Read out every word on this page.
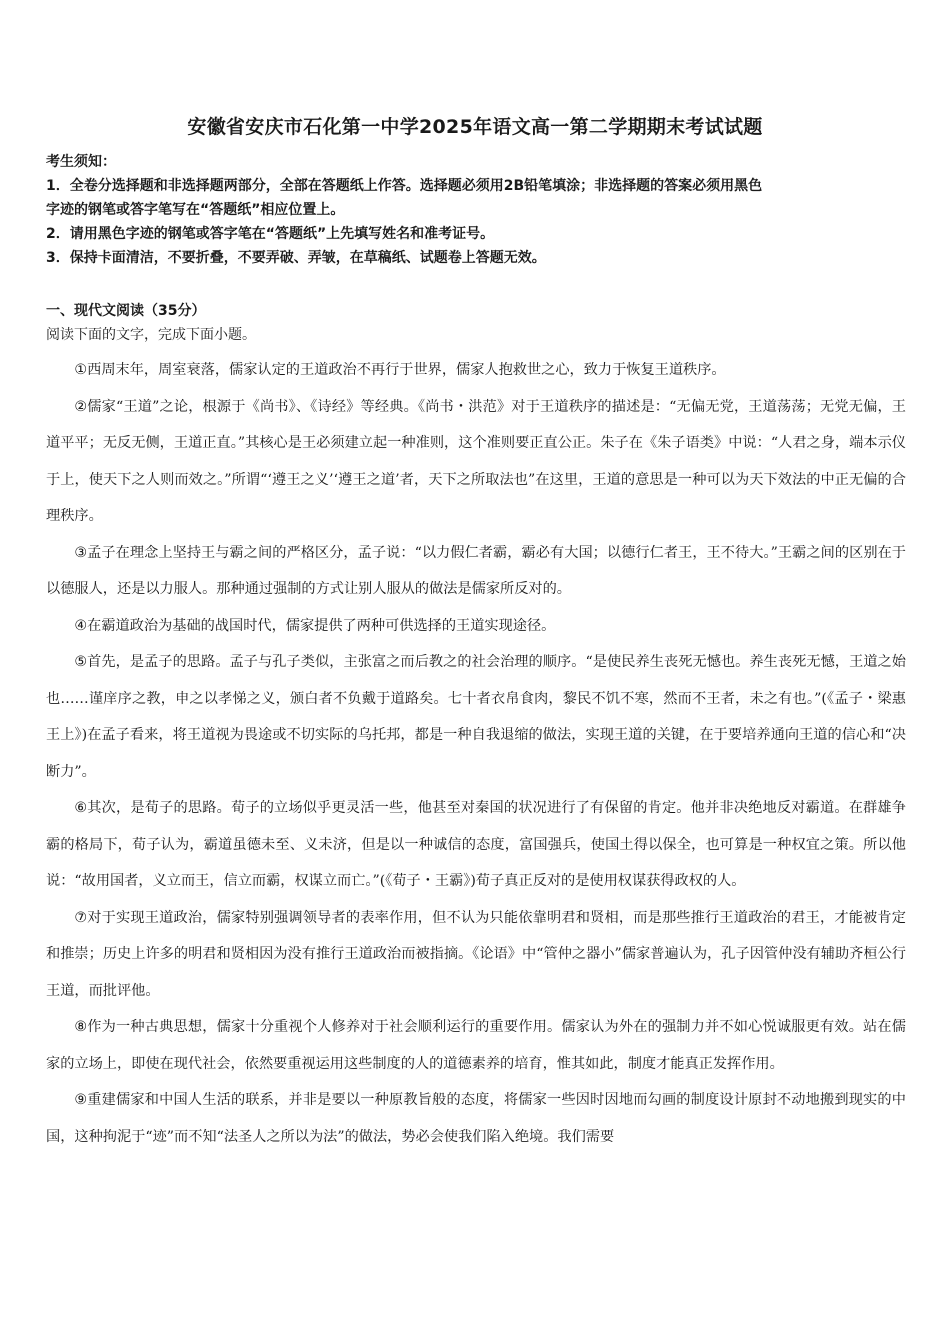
安徽省安庆市石化第一中学2025年语文高一第二学期期末考试试题
考生须知：
1．全卷分选择题和非选择题两部分，全部在答题纸上作答。选择题必须用2B铅笔填涂；非选择题的答案必须用黑色
字迹的钢笔或答字笔写在“答题纸”相应位置上。
2．请用黑色字迹的钢笔或答字笔在“答题纸”上先填写姓名和准考证号。
3．保持卡面清洁，不要折叠，不要弄破、弄皱，在草稿纸、试题卷上答题无效。
一、现代文阅读（35分）
阅读下面的文字，完成下面小题。

①西周末年，周室衰落，儒家认定的王道政治不再行于世界，儒家人抱救世之心，致力于恢复王道秩序。

②儒家“王道”之论，根源于《尚书》、《诗经》等经典。《尚书・洪范》对于王道秩序的描述是：“无偏无党，王道荡荡；无党无偏，王道平平；无反无侧，王道正直。”其核心是王必须建立起一种准则，这个准则要正直公正。朱子在《朱子语类》中说：“人君之身，端本示仪于上，使天下之人则而效之。”所谓“‘遵王之义’‘遵王之道’者，天下之所取法也”在这里，王道的意思是一种可以为天下效法的中正无偏的合理秩序。

③孟子在理念上坚持王与霸之间的严格区分，孟子说：“以力假仁者霸，霸必有大国；以德行仁者王，王不待大。”王霸之间的区别在于以德服人，还是以力服人。那种通过强制的方式让别人服从的做法是儒家所反对的。

④在霸道政治为基础的战国时代，儒家提供了两种可供选择的王道实现途径。

⑤首先，是孟子的思路。孟子与孔子类似，主张富之而后教之的社会治理的顺序。“是使民养生丧死无憾也。养生丧死无憾，王道之始也……谨庠序之教，申之以孝悌之义，颁白者不负戴于道路矣。七十者衣帛食肉，黎民不饥不寒，然而不王者，未之有也。”(《孟子・梁惠王上》)在孟子看来，将王道视为畏途或不切实际的乌托邦，都是一种自我退缩的做法，实现王道的关键，在于要培养通向王道的信心和“决断力”。

⑥其次，是荀子的思路。荀子的立场似乎更灵活一些，他甚至对秦国的状况进行了有保留的肯定。他并非决绝地反对霸道。在群雄争霸的格局下，荀子认为，霸道虽德未至、义未济，但是以一种诚信的态度，富国强兵，使国土得以保全，也可算是一种权宜之策。所以他说：“故用国者，义立而王，信立而霸，权谋立而亡。”(《荀子・王霸》)荀子真正反对的是使用权谋获得政权的人。

⑦对于实现王道政治，儒家特别强调领导者的表率作用，但不认为只能依靠明君和贤相，而是那些推行王道政治的君王，才能被肯定和推崇；历史上许多的明君和贤相因为没有推行王道政治而被指摘。《论语》中“管仲之器小”儒家普遍认为，孔子因管仲没有辅助齐桓公行王道，而批评他。

⑧作为一种古典思想，儒家十分重视个人修养对于社会顺利运行的重要作用。儒家认为外在的强制力并不如心悦诚服更有效。站在儒家的立场上，即使在现代社会，依然要重视运用这些制度的人的道德素养的培育，惟其如此，制度才能真正发挥作用。

⑨重建儒家和中国人生活的联系，并非是要以一种原教旨般的态度，将儒家一些因时因地而勾画的制度设计原封不动地搬到现实的中国，这种拘泥于“迹”而不知“法圣人之所以为法”的做法，势必会使我们陷入绝境。我们需要
